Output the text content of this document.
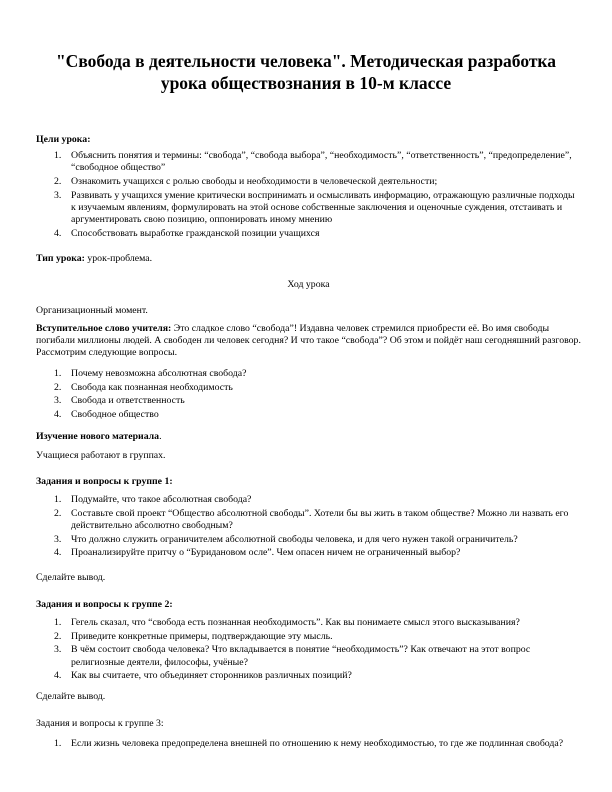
"Свобода в деятельности человека". Методическая разработка урока обществознания в 10-м классе

Цели урока:

1. Объяснить понятия и термины: “свобода”, “свобода выбора”, “необходимость”, “ответственность”, “предопределение”, “свободное общество”
2. Ознакомить учащихся с ролью свободы и необходимости в человеческой деятельности;
3. Развивать у учащихся умение критически воспринимать и осмысливать информацию, отражающую различные подходы к изучаемым явлениям, формулировать на этой основе собственные заключения и оценочные суждения, отстаивать и аргументировать свою позицию, оппонировать иному мнению
4. Способствовать выработке гражданской позиции учащихся

Тип урока: урок-проблема.

Ход урока

Организационный момент.

Вступительное слово учителя: Это сладкое слово “свобода”! Издавна человек стремился приобрести её. Во имя свободы погибали миллионы людей. А свободен ли человек сегодня? И что такое “свобода”? Об этом и пойдёт наш сегодняшний разговор. Рассмотрим следующие вопросы.

1. Почему невозможна абсолютная свобода?
2. Свобода как познанная необходимость
3. Свобода и ответственность
4. Свободное общество

Изучение нового материала.

Учащиеся работают в группах.

Задания и вопросы к группе 1:

1. Подумайте, что такое абсолютная свобода?
2. Составьте свой проект “Общество абсолютной свободы”. Хотели бы вы жить в таком обществе? Можно ли назвать его действительно абсолютно свободным?
3. Что должно служить ограничителем абсолютной свободы человека, и для чего нужен такой ограничитель?
4. Проанализируйте притчу о “Буридановом осле”. Чем опасен ничем не ограниченный выбор?

Сделайте вывод.

Задания и вопросы к группе 2:

1. Гегель сказал, что “свобода есть познанная необходимость”. Как вы понимаете смысл этого высказывания?
2. Приведите конкретные примеры, подтверждающие эту мысль.
3. В чём состоит свобода человека? Что вкладывается в понятие “необходимость”? Как отвечают на этот вопрос религиозные деятели, философы, учёные?
4. Как вы считаете, что объединяет сторонников различных позиций?

Сделайте вывод.

Задания и вопросы к группе 3:

1. Если жизнь человека предопределена внешней по отношению к нему необходимостью, то где же подлинная свобода?
